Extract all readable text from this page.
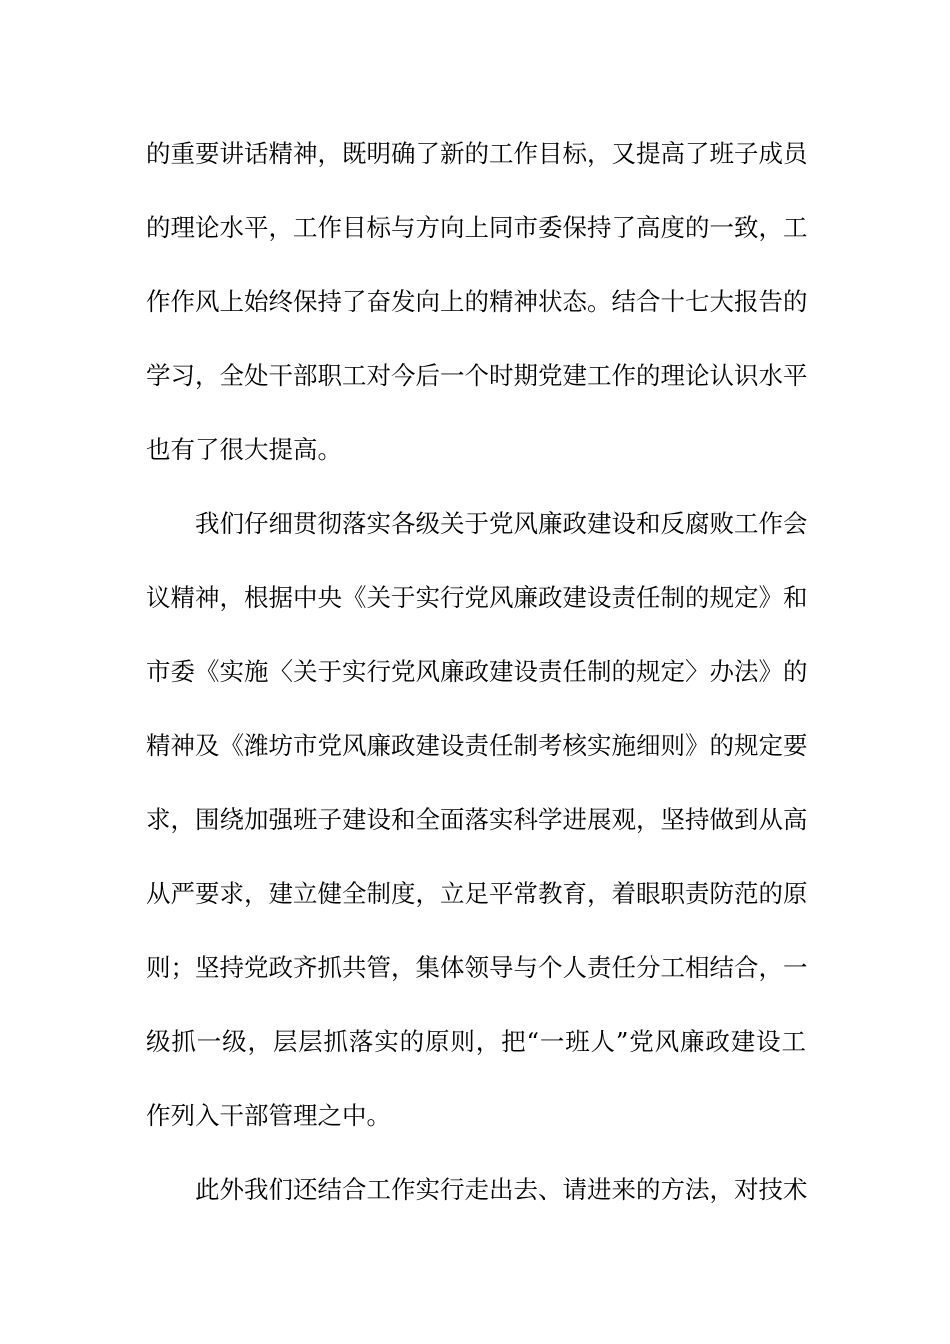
的重要讲话精神，既明确了新的工作目标，又提高了班子成员
的理论水平，工作目标与方向上同市委保持了高度的一致，工
作作风上始终保持了奋发向上的精神状态。结合十七大报告的
学习，全处干部职工对今后一个时期党建工作的理论认识水平
也有了很大提高。
我们仔细贯彻落实各级关于党风廉政建设和反腐败工作会
议精神，根据中央《关于实行党风廉政建设责任制的规定》和
市委《实施〈关于实行党风廉政建设责任制的规定〉办法》的
精神及《潍坊市党风廉政建设责任制考核实施细则》的规定要
求，围绕加强班子建设和全面落实科学进展观，坚持做到从高
从严要求，建立健全制度，立足平常教育，着眼职责防范的原
则；坚持党政齐抓共管，集体领导与个人责任分工相结合，一
级抓一级，层层抓落实的原则，把“一班人”党风廉政建设工
作列入干部管理之中。
此外我们还结合工作实行走出去、请进来的方法，对技术
